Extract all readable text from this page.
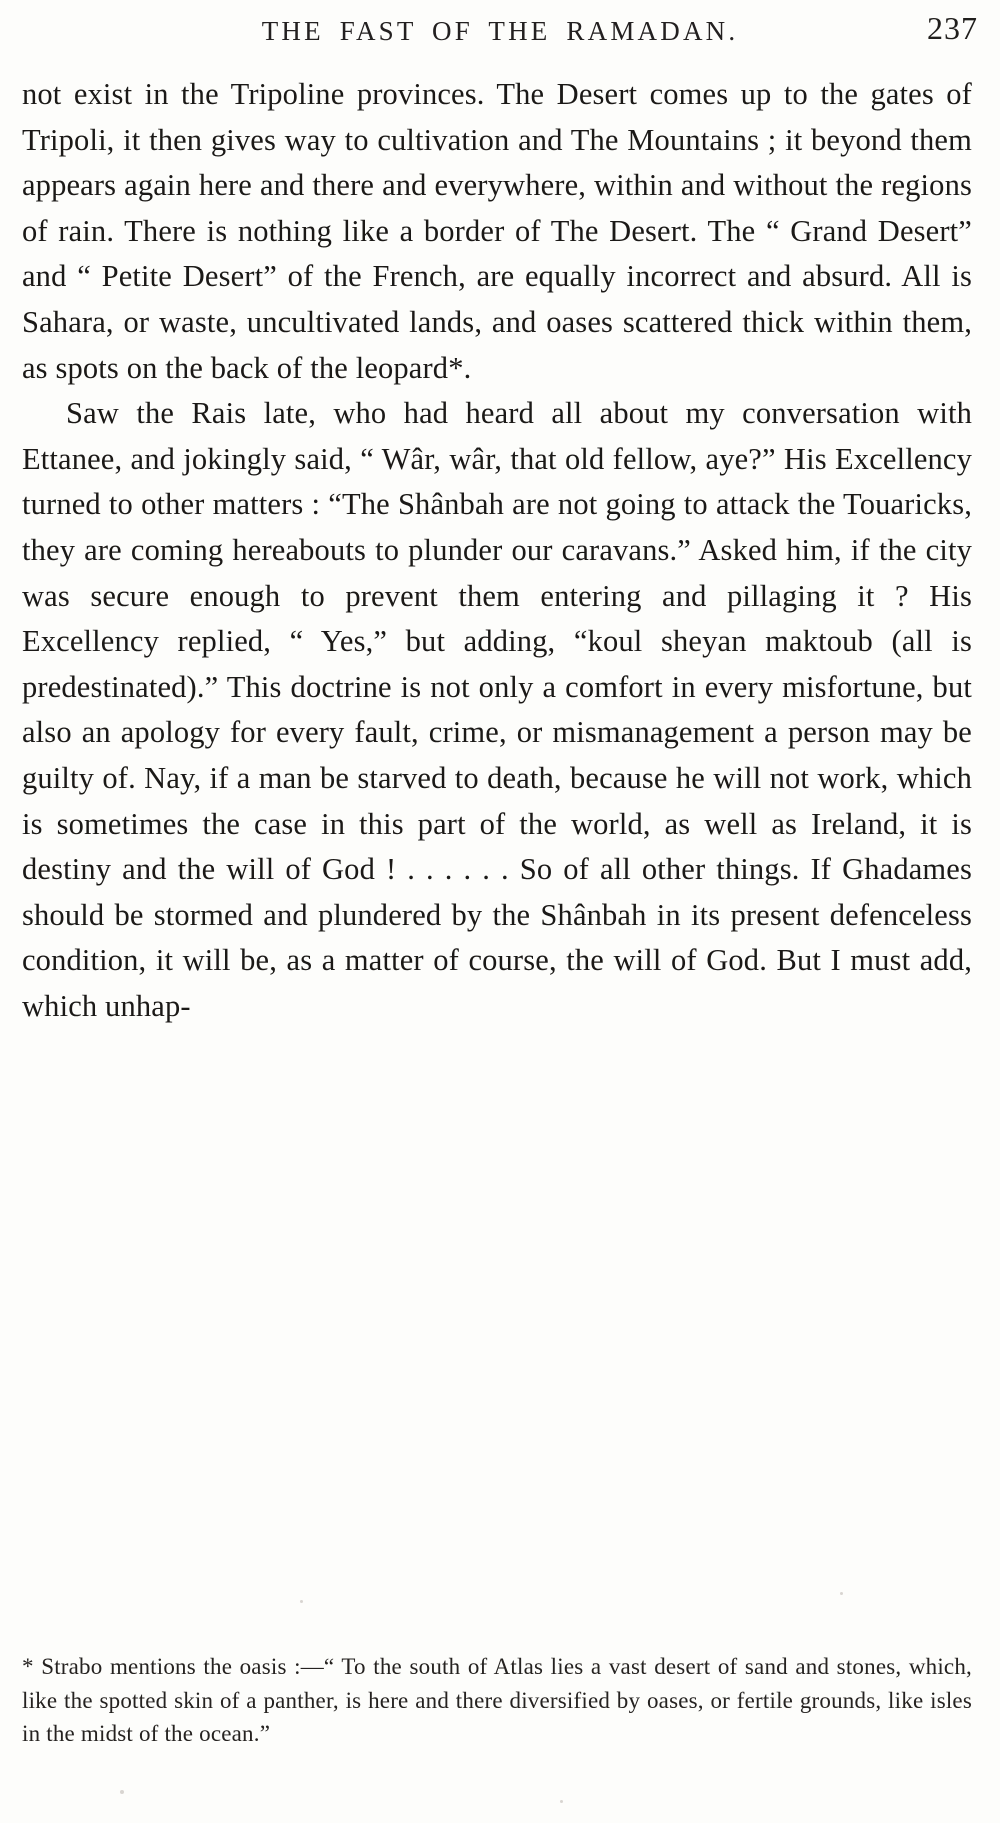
THE FAST OF THE RAMADAN.	237

not exist in the Tripoline provinces. The Desert comes up to the gates of Tripoli, it then gives way to cultivation and The Mountains ; it beyond them appears again here and there and everywhere, within and without the regions of rain. There is nothing like a border of The Desert. The “ Grand Desert” and “ Petite Desert” of the French, are equally incorrect and absurd. All is Sahara, or waste, uncultivated lands, and oases scattered thick within them, as spots on the back of the leopard*.

Saw the Rais late, who had heard all about my conversation with Ettanee, and jokingly said, “ Wâr, wâr, that old fellow, aye?” His Excellency turned to other matters : “The Shânbah are not going to attack the Touaricks, they are coming hereabouts to plunder our caravans.” Asked him, if the city was secure enough to prevent them entering and pillaging it ? His Excellency replied, “ Yes,” but adding, “koul sheyan maktoub (all is predestinated).” This doctrine is not only a comfort in every misfortune, but also an apology for every fault, crime, or mismanagement a person may be guilty of. Nay, if a man be starved to death, because he will not work, which is sometimes the case in this part of the world, as well as Ireland, it is destiny and the will of God ! . . . . . . So of all other things. If Ghadames should be stormed and plundered by the Shânbah in its present defenceless condition, it will be, as a matter of course, the will of God. But I must add, which unhap-

* Strabo mentions the oasis :—“ To the south of Atlas lies a vast desert of sand and stones, which, like the spotted skin of a panther, is here and there diversified by oases, or fertile grounds, like isles in the midst of the ocean.”
